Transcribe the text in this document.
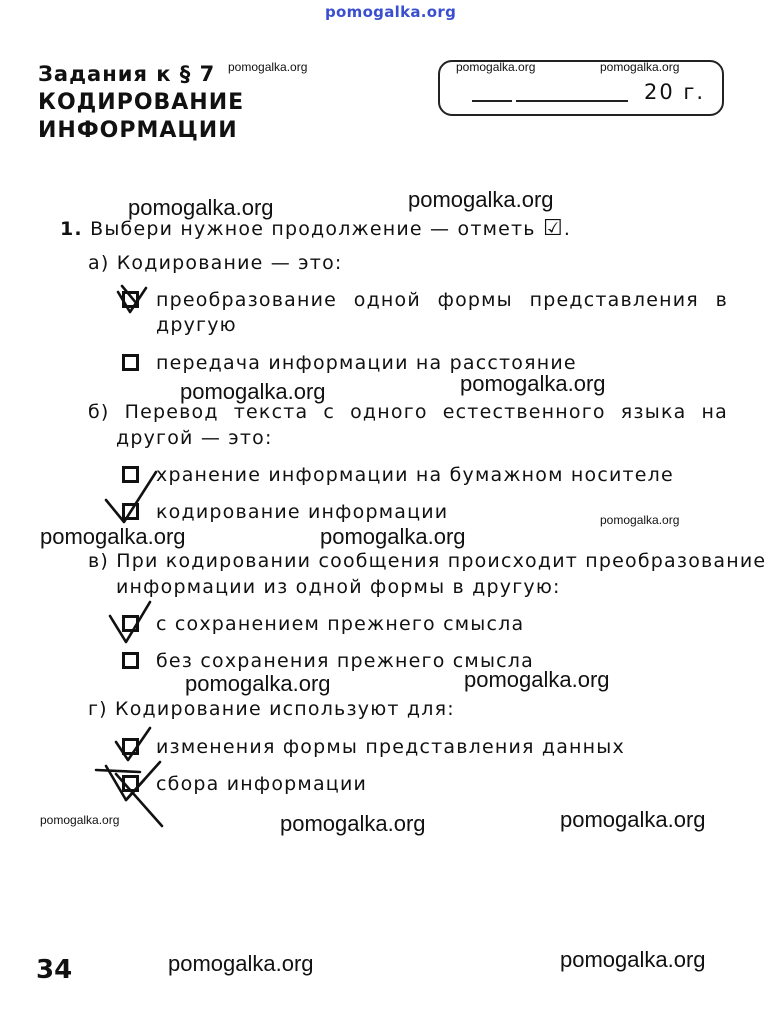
pomogalka.org
Задания к § 7
КОДИРОВАНИЕ
ИНФОРМАЦИИ
20 г.
pomogalka.org	pomogalka.org	pomogalka.org
pomogalka.org	pomogalka.org
1. Выбери нужное продолжение — отметь ☑.
а) Кодирование — это:
преобразование одной формы представления в
другую
передача информации на расстояние
pomogalka.org	pomogalka.org
б) Перевод текста с одного естественного языка на
другой — это:
хранение информации на бумажном носителе
кодирование информации
pomogalka.org	pomogalka.org
pomogalka.org
в) При кодировании сообщения происходит преобразование
информации из одной формы в другую:
с сохранением прежнего смысла
без сохранения прежнего смысла
pomogalka.org	pomogalka.org
г) Кодирование используют для:
изменения формы представления данных
сбора информации
pomogalka.org	pomogalka.org	pomogalka.org
pomogalka.org	pomogalka.org
34
